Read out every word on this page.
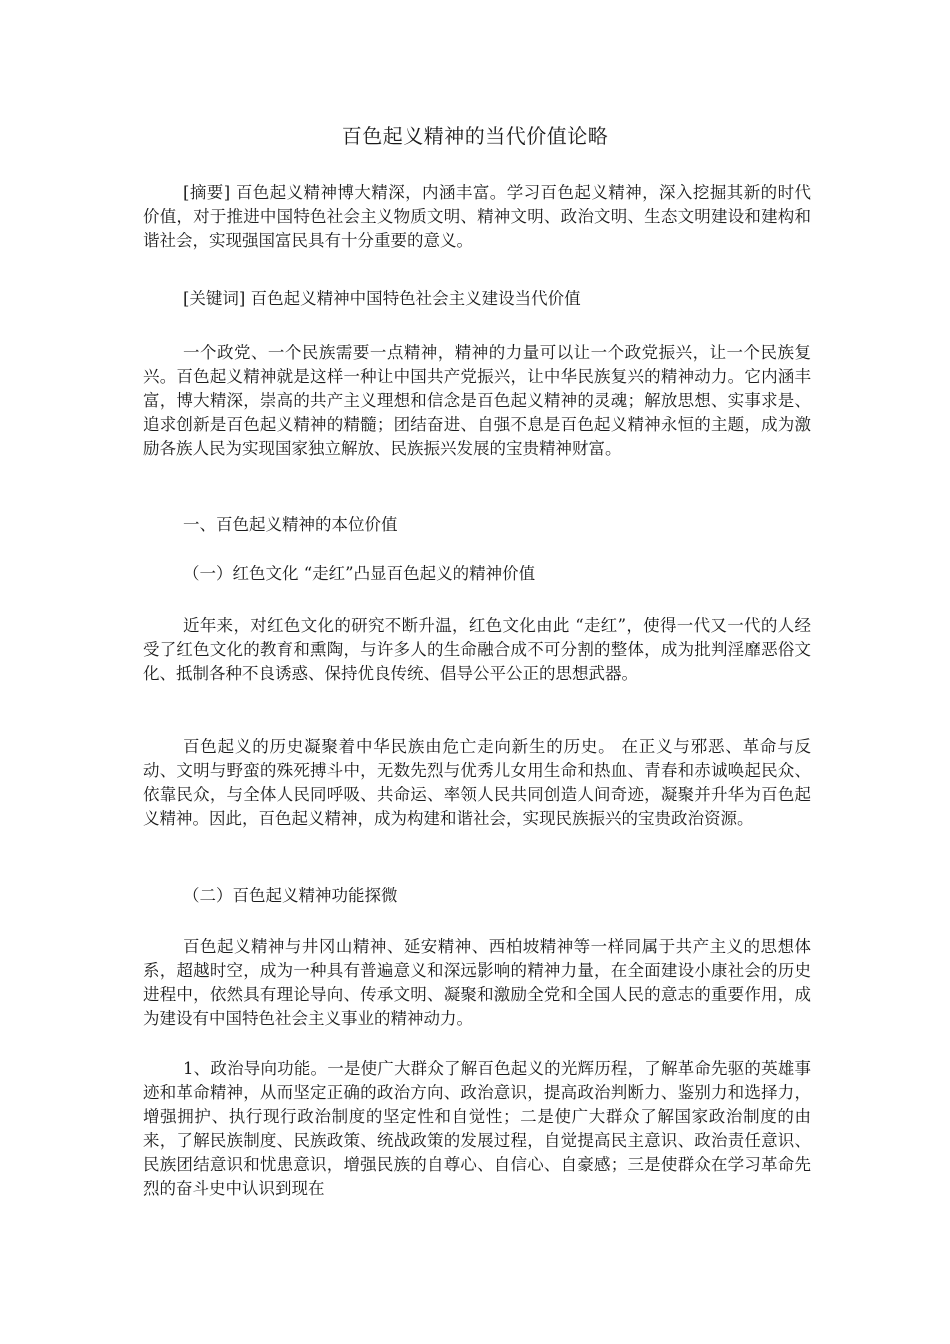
百色起义精神的当代价值论略

[摘要] 百色起义精神博大精深，内涵丰富。学习百色起义精神，深入挖掘其新的时代价值，对于推进中国特色社会主义物质文明、精神文明、政治文明、生态文明建设和建构和谐社会，实现强国富民具有十分重要的意义。

[关键词] 百色起义精神中国特色社会主义建设当代价值

一个政党、一个民族需要一点精神，精神的力量可以让一个政党振兴，让一个民族复兴。百色起义精神就是这样一种让中国共产党振兴，让中华民族复兴的精神动力。它内涵丰富，博大精深，崇高的共产主义理想和信念是百色起义精神的灵魂；解放思想、实事求是、追求创新是百色起义精神的精髓；团结奋进、自强不息是百色起义精神永恒的主题，成为激励各族人民为实现国家独立解放、民族振兴发展的宝贵精神财富。

一、百色起义精神的本位价值
（一）红色文化 “走红”凸显百色起义的精神价值

近年来，对红色文化的研究不断升温，红色文化由此 “走红”，使得一代又一代的人经受了红色文化的教育和熏陶，与许多人的生命融合成不可分割的整体，成为批判淫靡恶俗文化、抵制各种不良诱惑、保持优良传统、倡导公平公正的思想武器。

百色起义的历史凝聚着中华民族由危亡走向新生的历史。 在正义与邪恶、革命与反动、文明与野蛮的殊死搏斗中，无数先烈与优秀儿女用生命和热血、青春和赤诚唤起民众、依靠民众，与全体人民同呼吸、共命运、率领人民共同创造人间奇迹，凝聚并升华为百色起义精神。因此，百色起义精神，成为构建和谐社会，实现民族振兴的宝贵政治资源。

（二）百色起义精神功能探微

百色起义精神与井冈山精神、延安精神、西柏坡精神等一样同属于共产主义的思想体系，超越时空，成为一种具有普遍意义和深远影响的精神力量，在全面建设小康社会的历史进程中，依然具有理论导向、传承文明、凝聚和激励全党和全国人民的意志的重要作用，成为建设有中国特色社会主义事业的精神动力。

1、政治导向功能。一是使广大群众了解百色起义的光辉历程，了解革命先驱的英雄事迹和革命精神，从而坚定正确的政治方向、政治意识，提高政治判断力、鉴别力和选择力，增强拥护、执行现行政治制度的坚定性和自觉性；二是使广大群众了解国家政治制度的由来，了解民族制度、民族政策、统战政策的发展过程，自觉提高民主意识、政治责任意识、民族团结意识和忧患意识，增强民族的自尊心、自信心、自豪感；三是使群众在学习革命先烈的奋斗史中认识到现在
